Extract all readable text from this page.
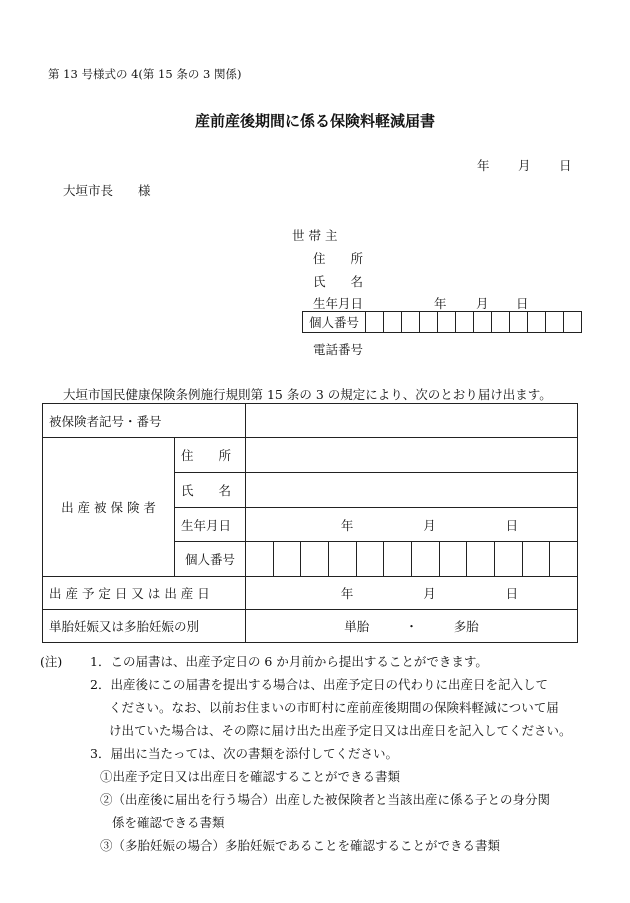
第 13 号様式の 4(第 15 条の 3 関係)
産前産後期間に係る保険料軽減届書
年 月 日
大垣市長　　様
世 帯 主
住　　所
氏　　名
生年月日	年 月 日
個人番号
電話番号
大垣市国民健康保険条例施行規則第 15 条の 3 の規定により、次のとおり届け出ます。
被保険者記号・番号		
出 産 被 保 険 者	住　　所	
	氏　　名	
	生年月日	年 月 日

	個人番号	

出 産 予 定 日 又 は 出 産 日		年 月 日

単胎妊娠又は多胎妊娠の別		単胎 ・ 多胎
(注) 1．この届書は、出産予定日の 6 か月前から提出することができます。
2．出産後にこの届書を提出する場合は、出産予定日の代わりに出産日を記入して
ください。なお、以前お住まいの市町村に産前産後期間の保険料軽減について届
け出ていた場合は、その際に届け出た出産予定日又は出産日を記入してください。
3．届出に当たっては、次の書類を添付してください。
①出産予定日又は出産日を確認することができる書類
②（出産後に届出を行う場合）出産した被保険者と当該出産に係る子との身分関
係を確認できる書類
③（多胎妊娠の場合）多胎妊娠であることを確認することができる書類
